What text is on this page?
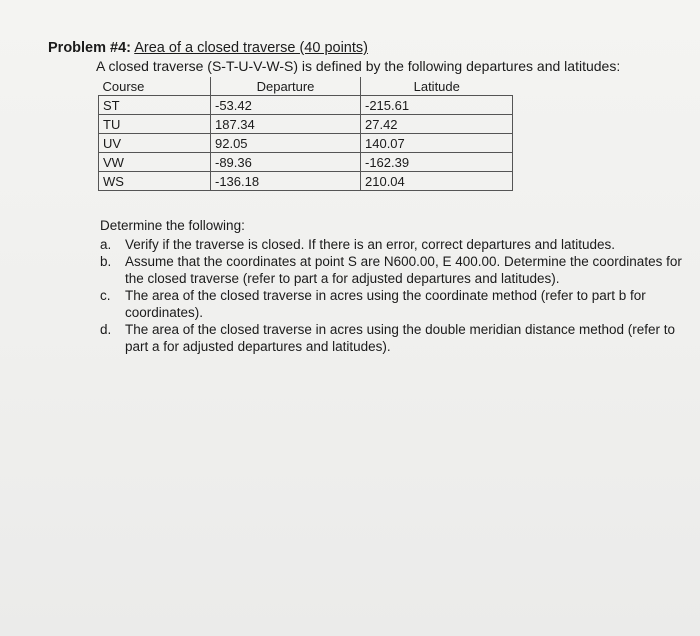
Problem #4: Area of a closed traverse (40 points)
A closed traverse (S-T-U-V-W-S) is defined by the following departures and latitudes:
Course	Departure	Latitude
ST	-53.42	-215.61
TU	187.34	27.42
UV	92.05	140.07
VW	-89.36	-162.39
WS	-136.18	210.04
Determine the following:
a. Verify if the traverse is closed. If there is an error, correct departures and latitudes.
b. Assume that the coordinates at point S are N600.00, E 400.00. Determine the coordinates for the closed traverse (refer to part a for adjusted departures and latitudes).
c. The area of the closed traverse in acres using the coordinate method (refer to part b for coordinates).
d. The area of the closed traverse in acres using the double meridian distance method (refer to part a for adjusted departures and latitudes).
